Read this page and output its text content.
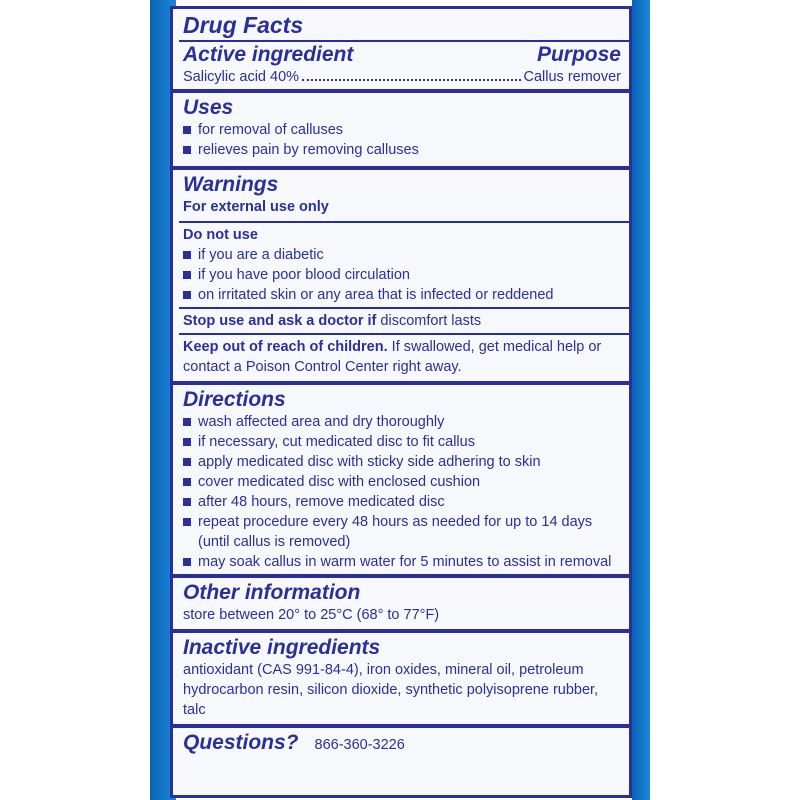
Drug Facts
Active ingredient	Purpose
Salicylic acid 40%	Callus remover
Uses
for removal of calluses
relieves pain by removing calluses
Warnings
For external use only
Do not use
if you are a diabetic
if you have poor blood circulation
on irritated skin or any area that is infected or reddened
Stop use and ask a doctor if discomfort lasts
Keep out of reach of children. If swallowed, get medical help or contact a Poison Control Center right away.
Directions
wash affected area and dry thoroughly
if necessary, cut medicated disc to fit callus
apply medicated disc with sticky side adhering to skin
cover medicated disc with enclosed cushion
after 48 hours, remove medicated disc
repeat procedure every 48 hours as needed for up to 14 days (until callus is removed)
may soak callus in warm water for 5 minutes to assist in removal
Other information
store between 20° to 25°C (68° to 77°F)
Inactive ingredients
antioxidant (CAS 991-84-4), iron oxides, mineral oil, petroleum hydrocarbon resin, silicon dioxide, synthetic polyisoprene rubber, talc
Questions? 866-360-3226
